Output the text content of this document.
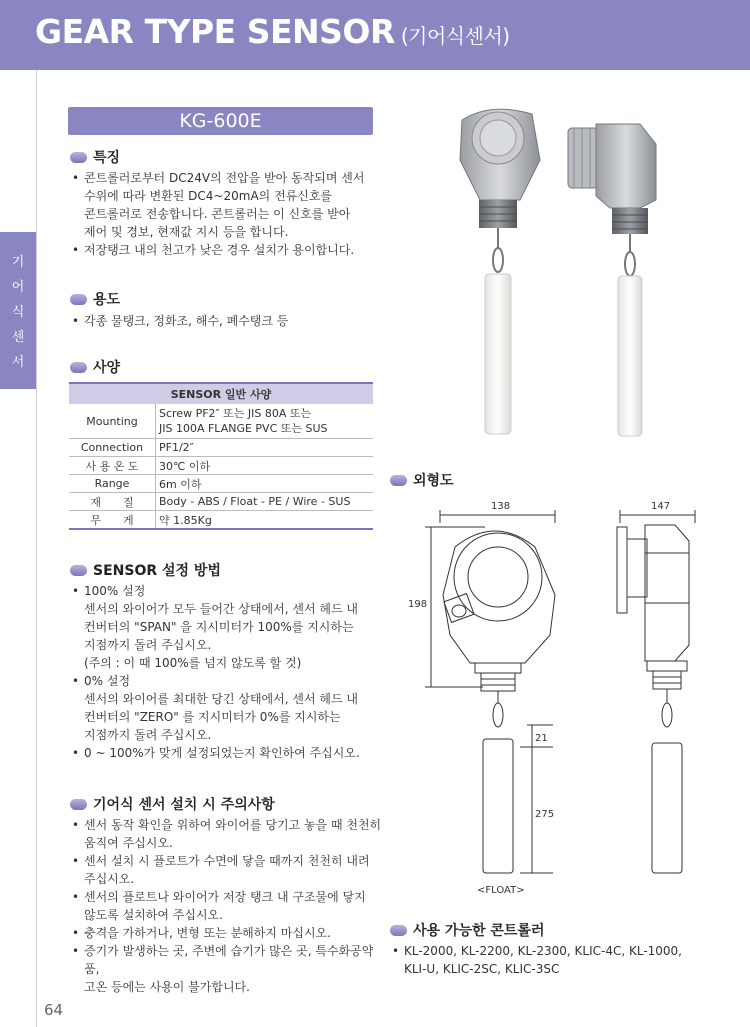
GEAR TYPE SENSOR (기어식센서)
기
어
식
센
서
KG-600E
특징
• 콘트롤러로부터 DC24V의 전압을 받아 동작되며 센서
수위에 따라 변환된 DC4~20mA의 전류신호를
콘트롤러로 전송합니다. 콘트롤러는 이 신호를 받아
제어 및 경보, 현재값 지시 등을 합니다.
• 저장탱크 내의 천고가 낮은 경우 설치가 용이합니다.
용도
• 각종 물탱크, 정화조, 해수, 폐수탱크 등
사양
SENSOR 일반 사양	
Mounting	Screw PF2″ 또는 JIS 80A 또는
JIS 100A FLANGE PVC 또는 SUS
Connection	PF1/2″
사 용 온 도	30℃ 이하
Range	6m 이하
재　　질	Body - ABS / Float - PE / Wire - SUS
무　　게	약 1.85Kg
SENSOR 설정 방법
• 100% 설정
센서의 와이어가 모두 들어간 상태에서, 센서 헤드 내
컨버터의 "SPAN" 을 지시미터가 100%를 지시하는
지점까지 돌려 주십시오.
(주의 : 이 때 100%를 넘지 않도록 할 것)
• 0% 설정
센서의 와이어를 최대한 당긴 상태에서, 센서 헤드 내
컨버터의 "ZERO" 를 지시미터가 0%를 지시하는
지점까지 돌려 주십시오.
• 0 ~ 100%가 맞게 설정되었는지 확인하여 주십시오.
기어식 센서 설치 시 주의사항
• 센서 동작 확인을 위하여 와이어를 당기고 놓을 때 천천히
움직여 주십시오.
• 센서 설치 시 플로트가 수면에 닿을 때까지 천천히 내려
주십시오.
• 센서의 플로트나 와이어가 저장 탱크 내 구조물에 닿지
않도록 설치하여 주십시오.
• 충격을 가하거나, 변형 또는 분해하지 마십시오.
• 증기가 발생하는 곳, 주변에 습기가 많은 곳, 특수화공약품,
고온 등에는 사용이 불가합니다.
외형도
138	147
198
21
275
<FLOAT>
사용 가능한 콘트롤러
• KL-2000, KL-2200, KL-2300, KLIC-4C, KL-1000,
KLI-U, KLIC-2SC, KLIC-3SC
64
